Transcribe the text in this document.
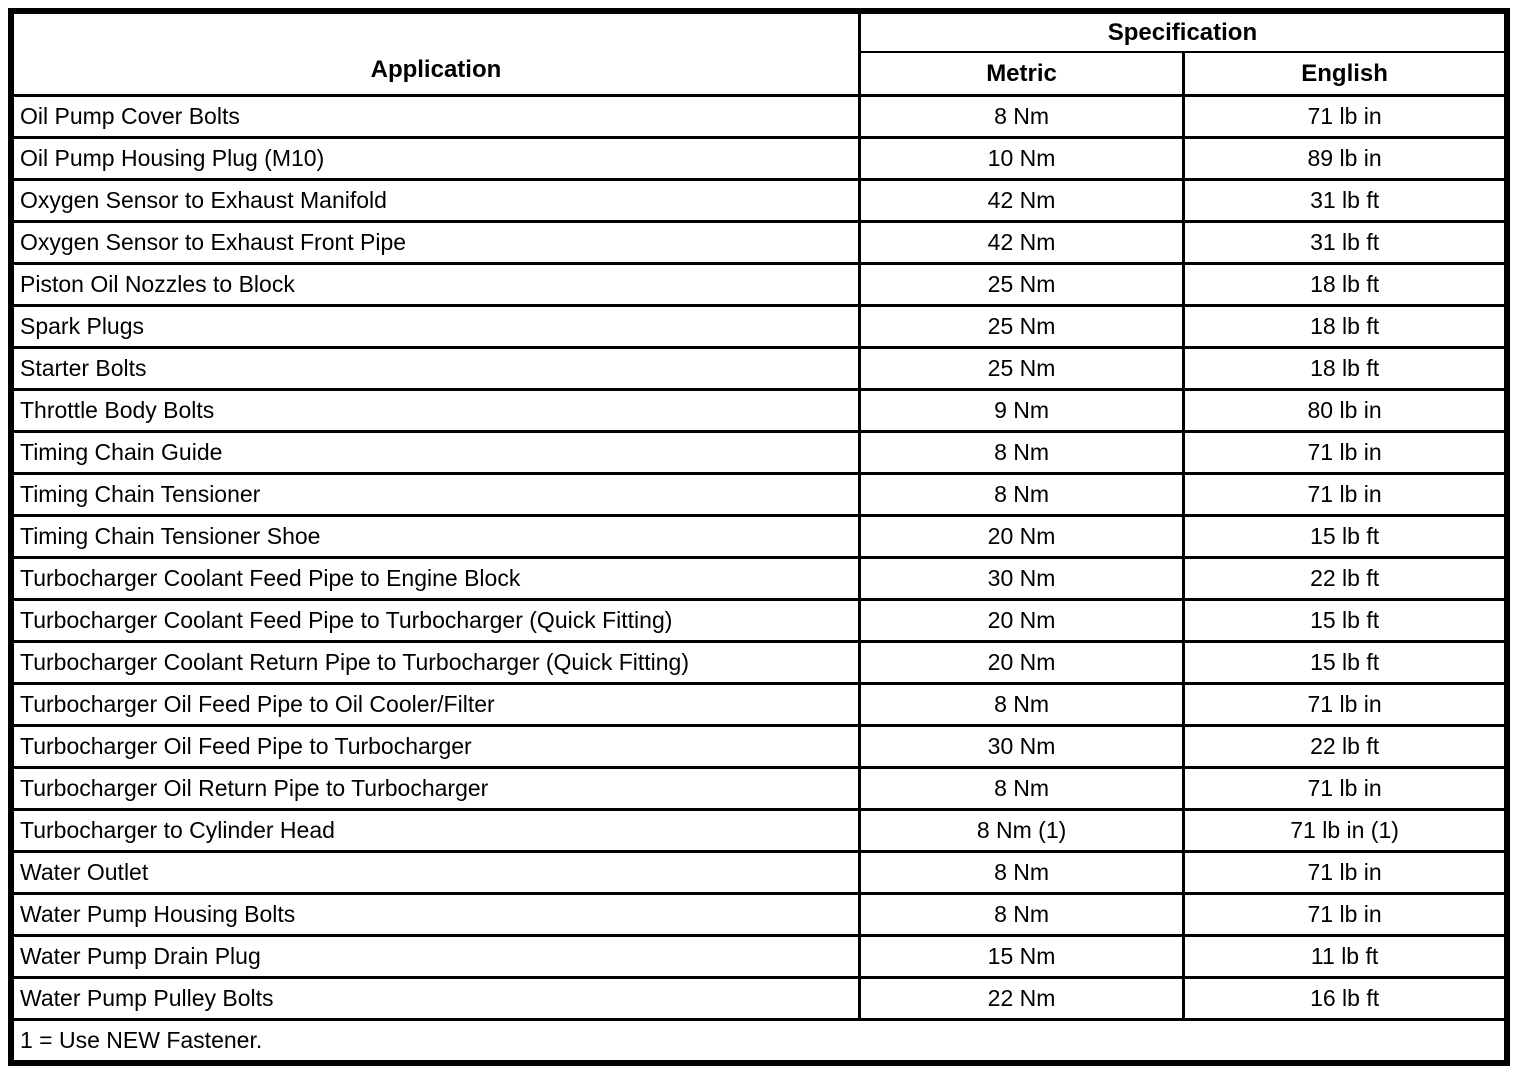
Application	Specification	
	Metric	English
Oil Pump Cover Bolts	8 Nm	71 lb in
Oil Pump Housing Plug (M10)	10 Nm	89 lb in
Oxygen Sensor to Exhaust Manifold	42 Nm	31 lb ft
Oxygen Sensor to Exhaust Front Pipe	42 Nm	31 lb ft
Piston Oil Nozzles to Block	25 Nm	18 lb ft
Spark Plugs	25 Nm	18 lb ft
Starter Bolts	25 Nm	18 lb ft
Throttle Body Bolts	9 Nm	80 lb in
Timing Chain Guide	8 Nm	71 lb in
Timing Chain Tensioner	8 Nm	71 lb in
Timing Chain Tensioner Shoe	20 Nm	15 lb ft
Turbocharger Coolant Feed Pipe to Engine Block	30 Nm	22 lb ft
Turbocharger Coolant Feed Pipe to Turbocharger (Quick Fitting)	20 Nm	15 lb ft
Turbocharger Coolant Return Pipe to Turbocharger (Quick Fitting)	20 Nm	15 lb ft
Turbocharger Oil Feed Pipe to Oil Cooler/Filter	8 Nm	71 lb in
Turbocharger Oil Feed Pipe to Turbocharger	30 Nm	22 lb ft
Turbocharger Oil Return Pipe to Turbocharger	8 Nm	71 lb in
Turbocharger to Cylinder Head	8 Nm (1)	71 lb in (1)
Water Outlet	8 Nm	71 lb in
Water Pump Housing Bolts	8 Nm	71 lb in
Water Pump Drain Plug	15 Nm	11 lb ft
Water Pump Pulley Bolts	22 Nm	16 lb ft
1 = Use NEW Fastener.		
